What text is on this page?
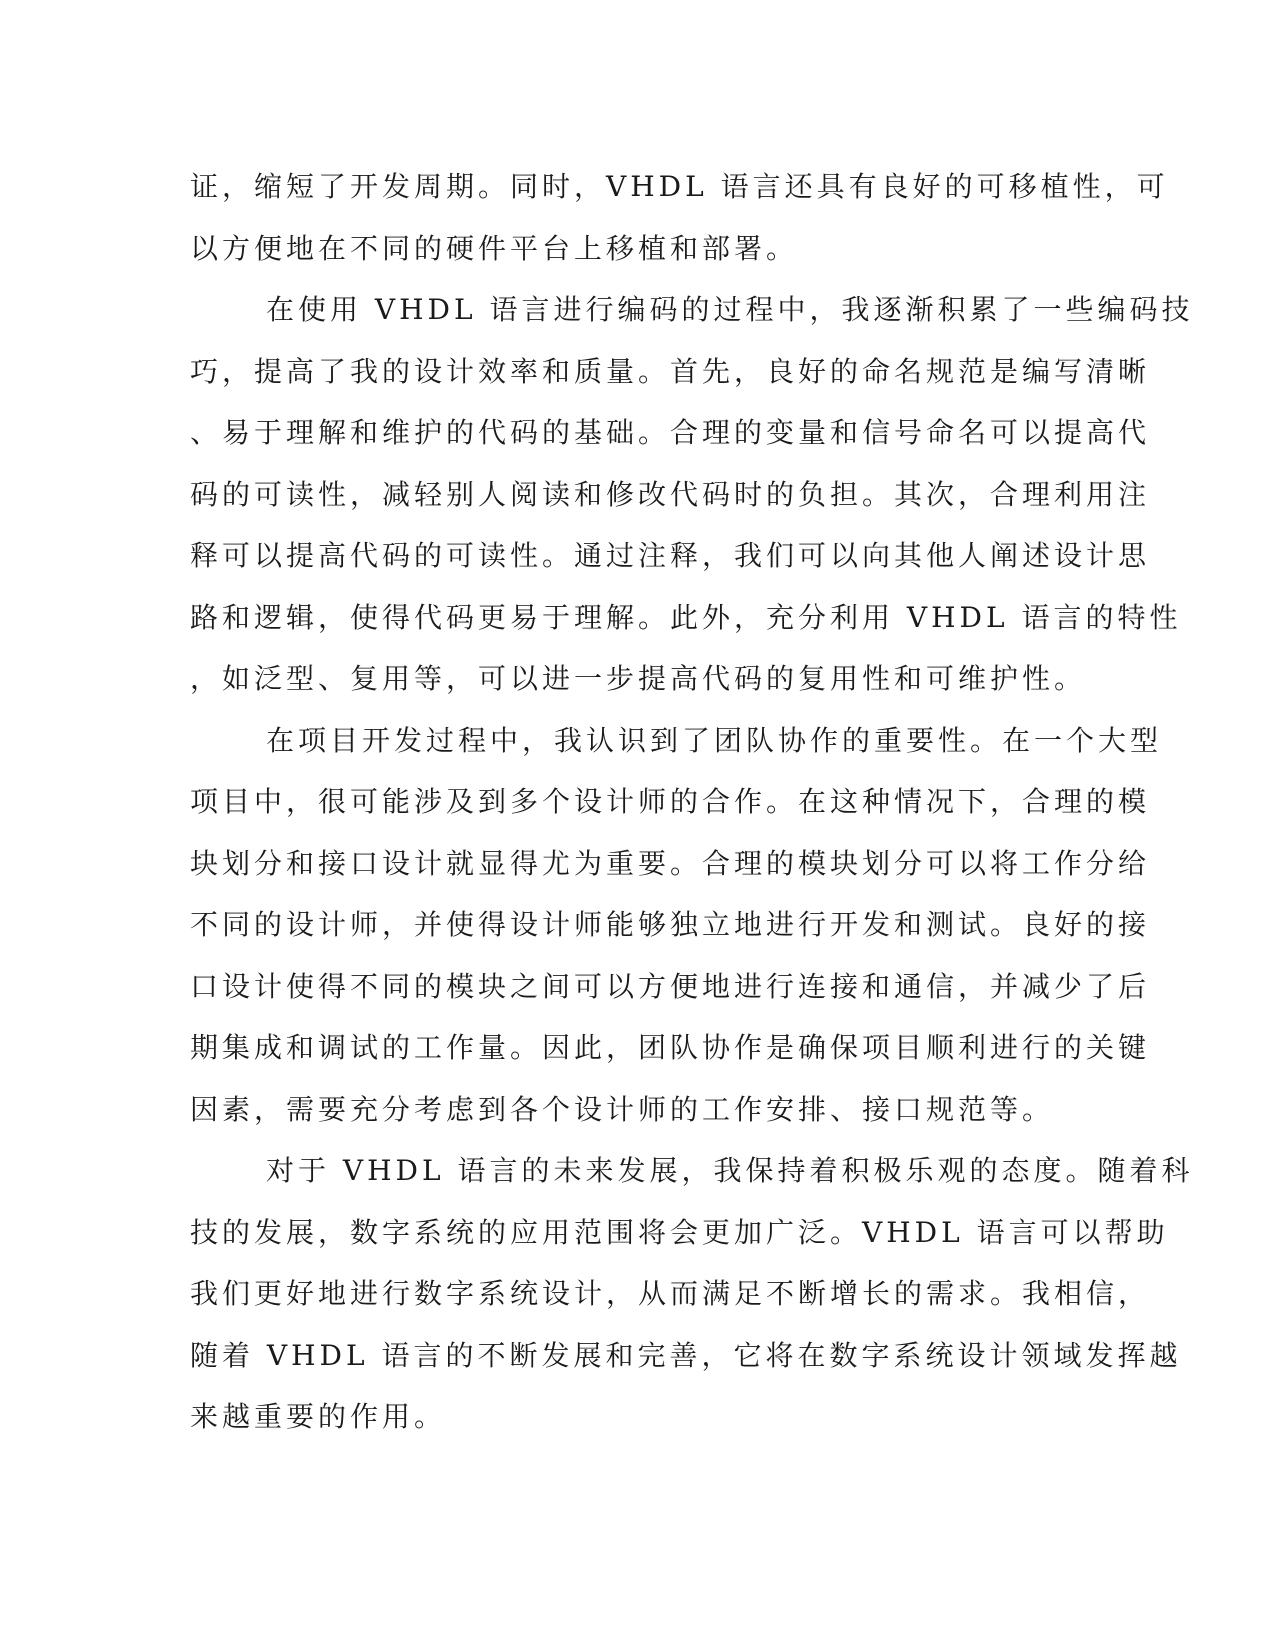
证，缩短了开发周期。同时，VHDL 语言还具有良好的可移植性，可
以方便地在不同的硬件平台上移植和部署。
在使用 VHDL 语言进行编码的过程中，我逐渐积累了一些编码技
巧，提高了我的设计效率和质量。首先，良好的命名规范是编写清晰
、易于理解和维护的代码的基础。合理的变量和信号命名可以提高代
码的可读性，减轻别人阅读和修改代码时的负担。其次，合理利用注
释可以提高代码的可读性。通过注释，我们可以向其他人阐述设计思
路和逻辑，使得代码更易于理解。此外，充分利用 VHDL 语言的特性
，如泛型、复用等，可以进一步提高代码的复用性和可维护性。
在项目开发过程中，我认识到了团队协作的重要性。在一个大型
项目中，很可能涉及到多个设计师的合作。在这种情况下，合理的模
块划分和接口设计就显得尤为重要。合理的模块划分可以将工作分给
不同的设计师，并使得设计师能够独立地进行开发和测试。良好的接
口设计使得不同的模块之间可以方便地进行连接和通信，并减少了后
期集成和调试的工作量。因此，团队协作是确保项目顺利进行的关键
因素，需要充分考虑到各个设计师的工作安排、接口规范等。
对于 VHDL 语言的未来发展，我保持着积极乐观的态度。随着科
技的发展，数字系统的应用范围将会更加广泛。VHDL 语言可以帮助
我们更好地进行数字系统设计，从而满足不断增长的需求。我相信，
随着 VHDL 语言的不断发展和完善，它将在数字系统设计领域发挥越
来越重要的作用。
